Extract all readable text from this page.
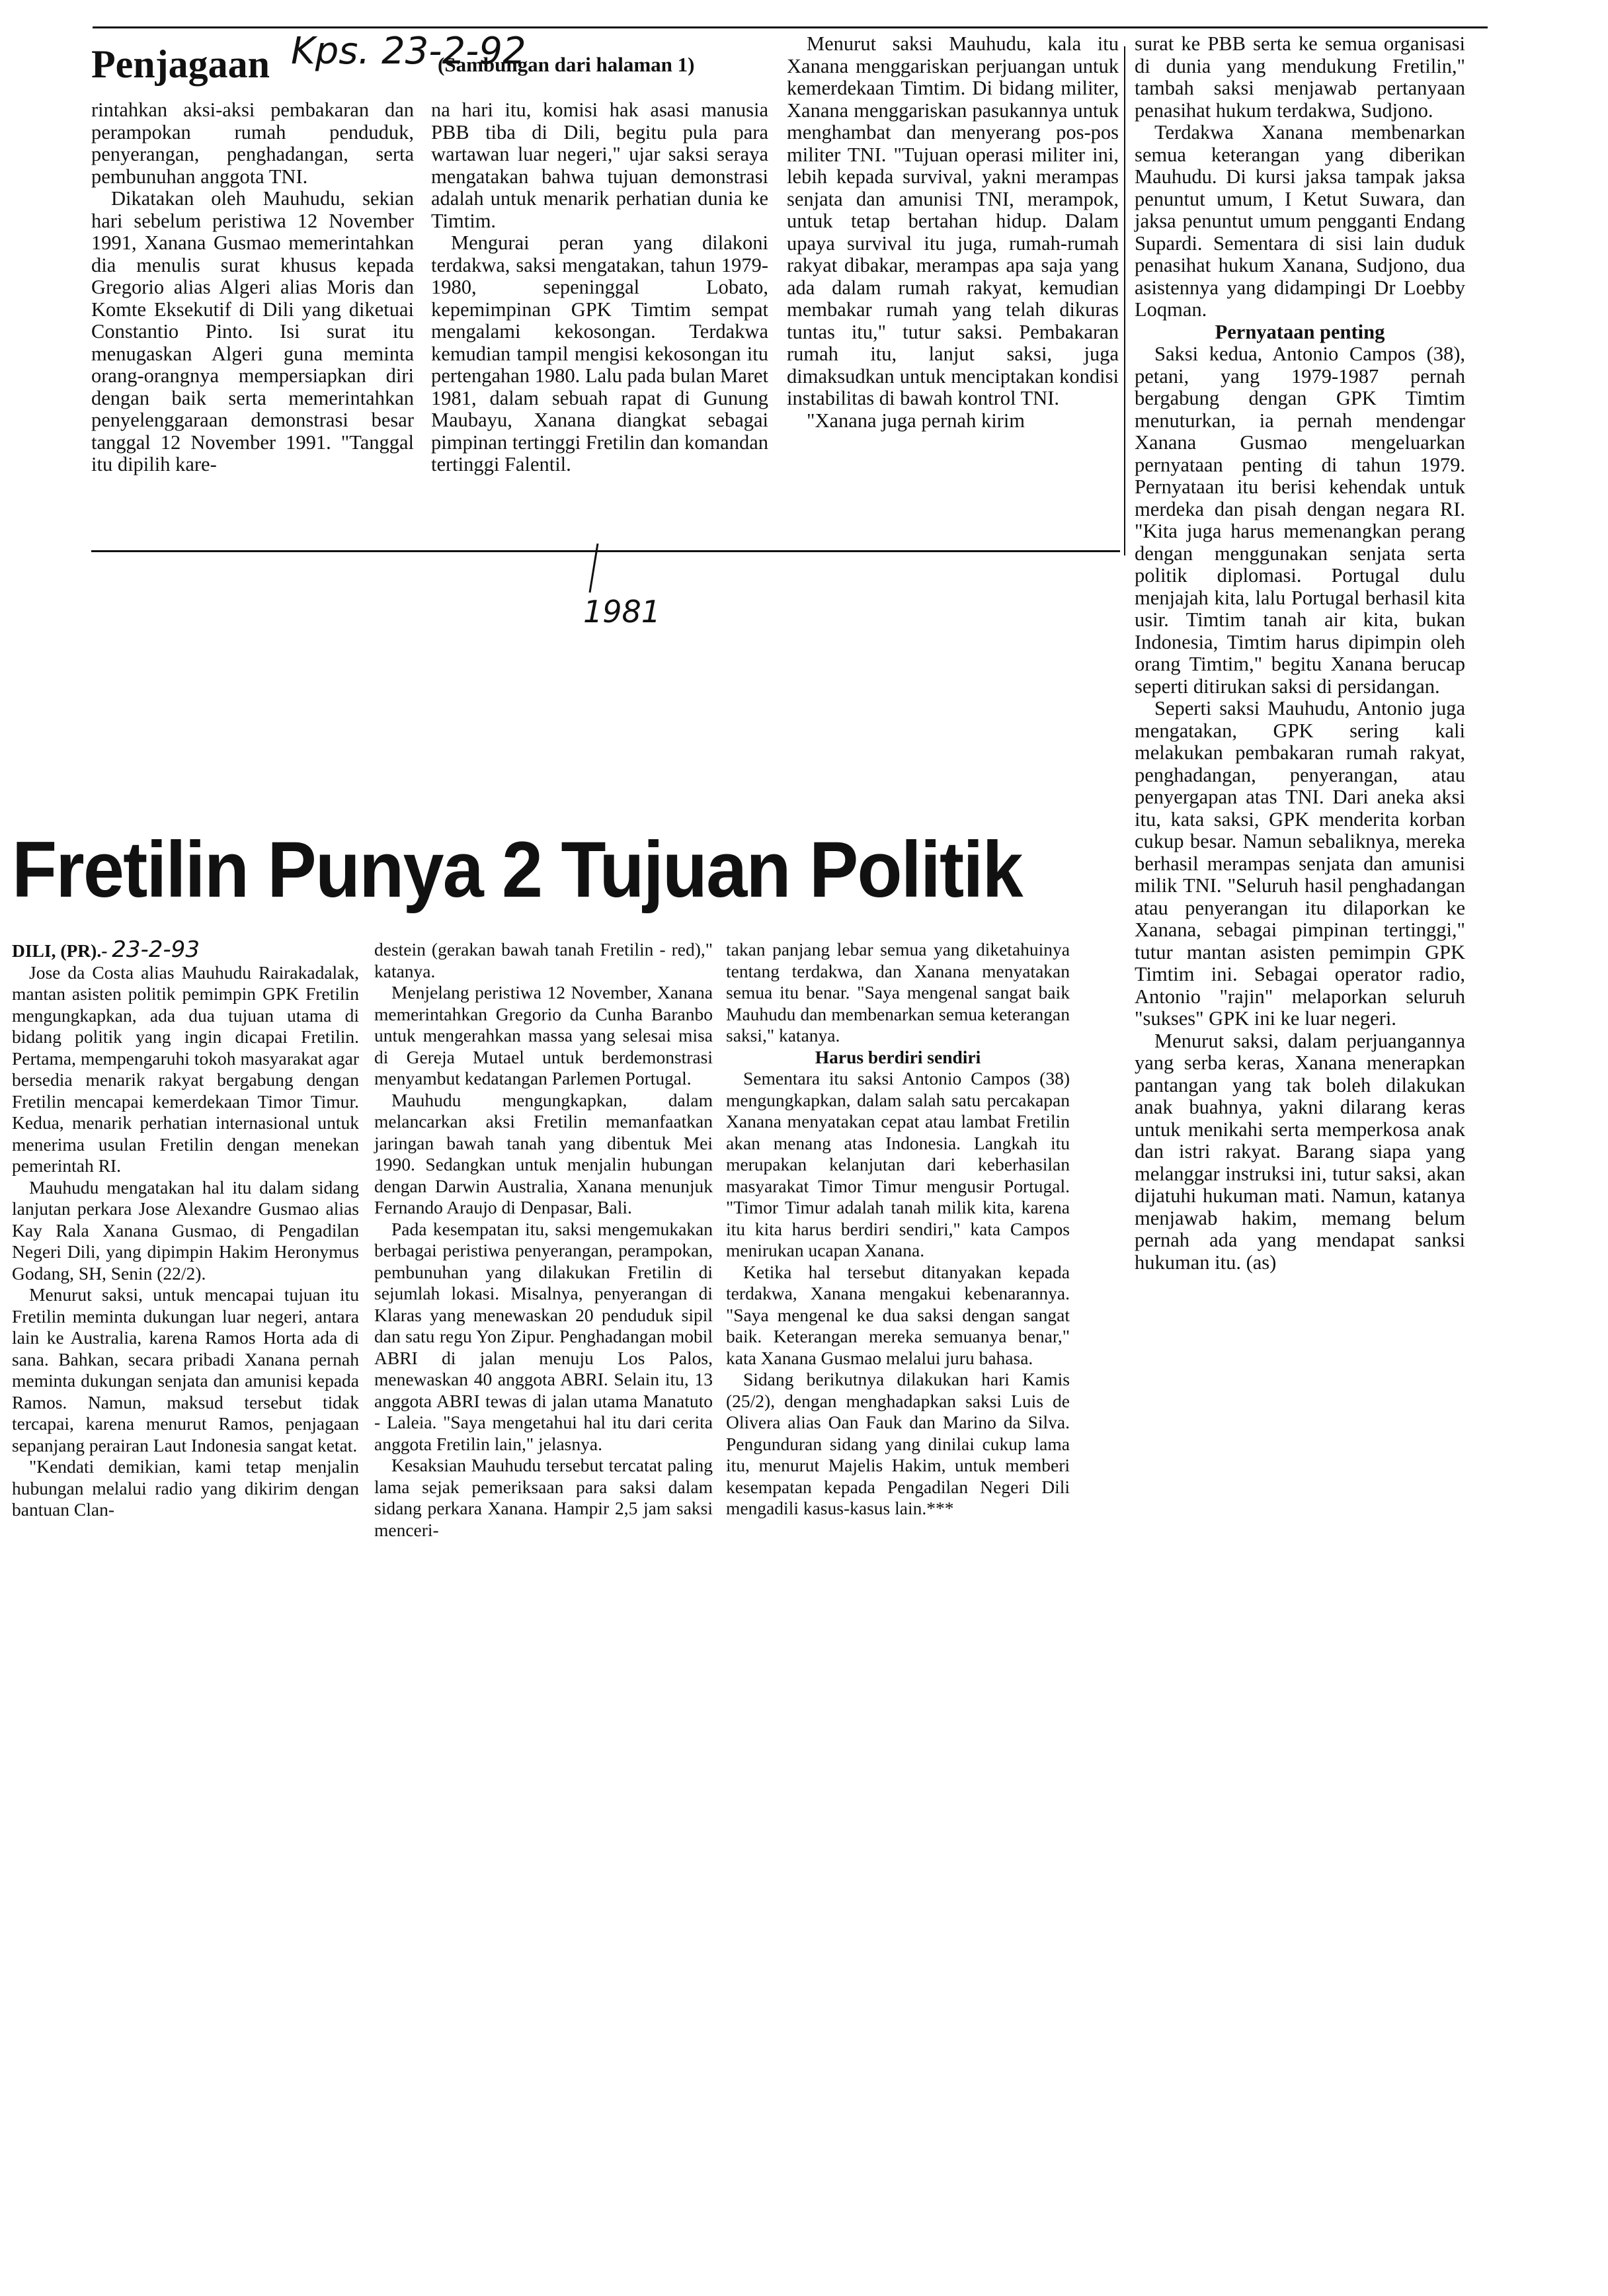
Penjagaan Kps. 23-2-92
(Sambungan dari halaman 1)

rintahkan aksi-aksi pembakaran dan perampokan rumah penduduk, penyerangan, penghadangan, serta pembunuhan anggota TNI.

Dikatakan oleh Mauhudu, sekian hari sebelum peristiwa 12 November 1991, Xanana Gusmao memerintahkan dia menulis surat khusus kepada Gregorio alias Algeri alias Moris dan Komte Eksekutif di Dili yang diketuai Constantio Pinto. Isi surat itu menugaskan Algeri guna meminta orang-orangnya mempersiapkan diri dengan baik serta memerintahkan penyelenggaraan demonstrasi besar tanggal 12 November 1991. "Tanggal itu dipilih kare-

na hari itu, komisi hak asasi manusia PBB tiba di Dili, begitu pula para wartawan luar negeri," ujar saksi seraya mengatakan bahwa tujuan demonstrasi adalah untuk menarik perhatian dunia ke Timtim.

Mengurai peran yang dilakoni terdakwa, saksi mengatakan, tahun 1979-1980, sepeninggal Lobato, kepemimpinan GPK Timtim sempat mengalami kekosongan. Terdakwa kemudian tampil mengisi kekosongan itu pertengahan 1980. Lalu pada bulan Maret 1981, dalam sebuah rapat di Gunung Maubayu, Xanana diangkat sebagai pimpinan tertinggi Fretilin dan komandan tertinggi Falentil.

Menurut saksi Mauhudu, kala itu Xanana menggariskan perjuangan untuk kemerdekaan Timtim. Di bidang militer, Xanana menggariskan pasukannya untuk menghambat dan menyerang pos-pos militer TNI. "Tujuan operasi militer ini, lebih kepada survival, yakni merampas senjata dan amunisi TNI, merampok, untuk tetap bertahan hidup. Dalam upaya survival itu juga, rumah-rumah rakyat dibakar, merampas apa saja yang ada dalam rumah rakyat, kemudian membakar rumah yang telah dikuras tuntas itu," tutur saksi. Pembakaran rumah itu, lanjut saksi, juga dimaksudkan untuk menciptakan kondisi instabilitas di bawah kontrol TNI.

"Xanana juga pernah kirim

surat ke PBB serta ke semua organisasi di dunia yang mendukung Fretilin," tambah saksi menjawab pertanyaan penasihat hukum terdakwa, Sudjono.

Terdakwa Xanana membenarkan semua keterangan yang diberikan Mauhudu. Di kursi jaksa tampak jaksa penuntut umum, I Ketut Suwara, dan jaksa penuntut umum pengganti Endang Supardi. Sementara di sisi lain duduk penasihat hukum Xanana, Sudjono, dua asistennya yang didampingi Dr Loebby Loqman.

Pernyataan penting

Saksi kedua, Antonio Campos (38), petani, yang 1979-1987 pernah bergabung dengan GPK Timtim menuturkan, ia pernah mendengar Xanana Gusmao mengeluarkan pernyataan penting di tahun 1979. Pernyataan itu berisi kehendak untuk merdeka dan pisah dengan negara RI. "Kita juga harus memenangkan perang dengan menggunakan senjata serta politik diplomasi. Portugal dulu menjajah kita, lalu Portugal berhasil kita usir. Timtim tanah air kita, bukan Indonesia, Timtim harus dipimpin oleh orang Timtim," begitu Xanana berucap seperti ditirukan saksi di persidangan.

Seperti saksi Mauhudu, Antonio juga mengatakan, GPK sering kali melakukan pembakaran rumah rakyat, penghadangan, penyerangan, atau penyergapan atas TNI. Dari aneka aksi itu, kata saksi, GPK menderita korban cukup besar. Namun sebaliknya, mereka berhasil merampas senjata dan amunisi milik TNI. "Seluruh hasil penghadangan atau penyerangan itu dilaporkan ke Xanana, sebagai pimpinan tertinggi," tutur mantan asisten pemimpin GPK Timtim ini. Sebagai operator radio, Antonio "rajin" melaporkan seluruh "sukses" GPK ini ke luar negeri.

Menurut saksi, dalam perjuangannya yang serba keras, Xanana menerapkan pantangan yang tak boleh dilakukan anak buahnya, yakni dilarang keras untuk menikahi serta memperkosa anak dan istri rakyat. Barang siapa yang melanggar instruksi ini, tutur saksi, akan dijatuhi hukuman mati. Namun, katanya menjawab hakim, memang belum pernah ada yang mendapat sanksi hukuman itu. (as)

1981
Fretilin Punya 2 Tujuan Politik

DILI, (PR).- 23-2-93

Jose da Costa alias Mauhudu Rairakadalak, mantan asisten politik pemimpin GPK Fretilin mengungkapkan, ada dua tujuan utama di bidang politik yang ingin dicapai Fretilin. Pertama, mempengaruhi tokoh masyarakat agar bersedia menarik rakyat bergabung dengan Fretilin mencapai kemerdekaan Timor Timur. Kedua, menarik perhatian internasional untuk menerima usulan Fretilin dengan menekan pemerintah RI.

Mauhudu mengatakan hal itu dalam sidang lanjutan perkara Jose Alexandre Gusmao alias Kay Rala Xanana Gusmao, di Pengadilan Negeri Dili, yang dipimpin Hakim Heronymus Godang, SH, Senin (22/2).

Menurut saksi, untuk mencapai tujuan itu Fretilin meminta dukungan luar negeri, antara lain ke Australia, karena Ramos Horta ada di sana. Bahkan, secara pribadi Xanana pernah meminta dukungan senjata dan amunisi kepada Ramos. Namun, maksud tersebut tidak tercapai, karena menurut Ramos, penjagaan sepanjang perairan Laut Indonesia sangat ketat.

"Kendati demikian, kami tetap menjalin hubungan melalui radio yang dikirim dengan bantuan Clan-

destein (gerakan bawah tanah Fretilin - red)," katanya.

Menjelang peristiwa 12 November, Xanana memerintahkan Gregorio da Cunha Baranbo untuk mengerahkan massa yang selesai misa di Gereja Mutael untuk berdemonstrasi menyambut kedatangan Parlemen Portugal.

Mauhudu mengungkapkan, dalam melancarkan aksi Fretilin memanfaatkan jaringan bawah tanah yang dibentuk Mei 1990. Sedangkan untuk menjalin hubungan dengan Darwin Australia, Xanana menunjuk Fernando Araujo di Denpasar, Bali.

Pada kesempatan itu, saksi mengemukakan berbagai peristiwa penyerangan, perampokan, pembunuhan yang dilakukan Fretilin di sejumlah lokasi. Misalnya, penyerangan di Klaras yang menewaskan 20 penduduk sipil dan satu regu Yon Zipur. Penghadangan mobil ABRI di jalan menuju Los Palos, menewaskan 40 anggota ABRI. Selain itu, 13 anggota ABRI tewas di jalan utama Manatuto - Laleia. "Saya mengetahui hal itu dari cerita anggota Fretilin lain," jelasnya.

Kesaksian Mauhudu tersebut tercatat paling lama sejak pemeriksaan para saksi dalam sidang perkara Xanana. Hampir 2,5 jam saksi menceri-

takan panjang lebar semua yang diketahuinya tentang terdakwa, dan Xanana menyatakan semua itu benar. "Saya mengenal sangat baik Mauhudu dan membenarkan semua keterangan saksi," katanya.

Harus berdiri sendiri

Sementara itu saksi Antonio Campos (38) mengungkapkan, dalam salah satu percakapan Xanana menyatakan cepat atau lambat Fretilin akan menang atas Indonesia. Langkah itu merupakan kelanjutan dari keberhasilan masyarakat Timor Timur mengusir Portugal. "Timor Timur adalah tanah milik kita, karena itu kita harus berdiri sendiri," kata Campos menirukan ucapan Xanana.

Ketika hal tersebut ditanyakan kepada terdakwa, Xanana mengakui kebenarannya. "Saya mengenal ke dua saksi dengan sangat baik. Keterangan mereka semuanya benar," kata Xanana Gusmao melalui juru bahasa.

Sidang berikutnya dilakukan hari Kamis (25/2), dengan menghadapkan saksi Luis de Olivera alias Oan Fauk dan Marino da Silva. Pengunduran sidang yang dinilai cukup lama itu, menurut Majelis Hakim, untuk memberi kesempatan kepada Pengadilan Negeri Dili mengadili kasus-kasus lain.***
